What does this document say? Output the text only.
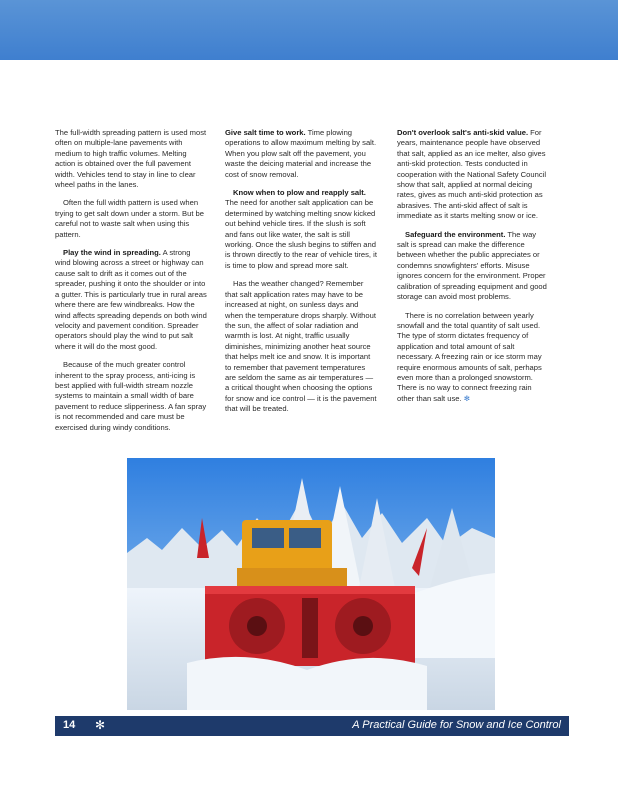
The full-width spreading pattern is used most often on multiple-lane pavements with medium to high traffic volumes. Melting action is obtained over the full pavement width. Vehicles tend to stay in line to clear wheel paths in the lanes.

Often the full width pattern is used when trying to get salt down under a storm. But be careful not to waste salt when using this pattern.

Play the wind in spreading. A strong wind blowing across a street or highway can cause salt to drift as it comes out of the spreader, pushing it onto the shoulder or into a gutter. This is particularly true in rural areas where there are few windbreaks. How the wind affects spreading depends on both wind velocity and pavement condition. Spreader operators should play the wind to put salt where it will do the most good.

Because of the much greater control inherent to the spray process, anti-icing is best applied with full-width stream nozzle systems to maintain a small width of bare pavement to reduce slipperiness. A fan spray is not recommended and care must be exercised during windy conditions.

Give salt time to work. Time plowing operations to allow maximum melting by salt. When you plow salt off the pavement, you waste the deicing material and increase the cost of snow removal.

Know when to plow and reapply salt. The need for another salt application can be determined by watching melting snow kicked out behind vehicle tires. If the slush is soft and fans out like water, the salt is still working. Once the slush begins to stiffen and is thrown directly to the rear of vehicle tires, it is time to plow and spread more salt.

Has the weather changed? Remember that salt application rates may have to be increased at night, on sunless days and when the temperature drops sharply. Without the sun, the affect of solar radiation and warmth is lost. At night, traffic usually diminishes, minimizing another heat source that helps melt ice and snow. It is important to remember that pavement temperatures are seldom the same as air temperatures — a critical thought when choosing the options for snow and ice control — it is the pavement that will be treated.

Don't overlook salt's anti-skid value. For years, maintenance people have observed that salt, applied as an ice melter, also gives anti-skid protection. Tests conducted in cooperation with the National Safety Council show that salt, applied at normal deicing rates, gives as much anti-skid protection as abrasives. The anti-skid affect of salt is immediate as it starts melting snow or ice.

Safeguard the environment. The way salt is spread can make the difference between whether the public appreciates or condemns snowfighters' efforts. Misuse ignores concern for the environment. Proper calibration of spreading equipment and good storage can avoid most problems.

There is no correlation between yearly snowfall and the total quantity of salt used. The type of storm dictates frequency of application and total amount of salt necessary. A freezing rain or ice storm may require enormous amounts of salt, perhaps even more than a prolonged snowstorm. There is no way to connect freezing rain other than salt use. ✻

14 ✻	A Practical Guide for Snow and Ice Control
